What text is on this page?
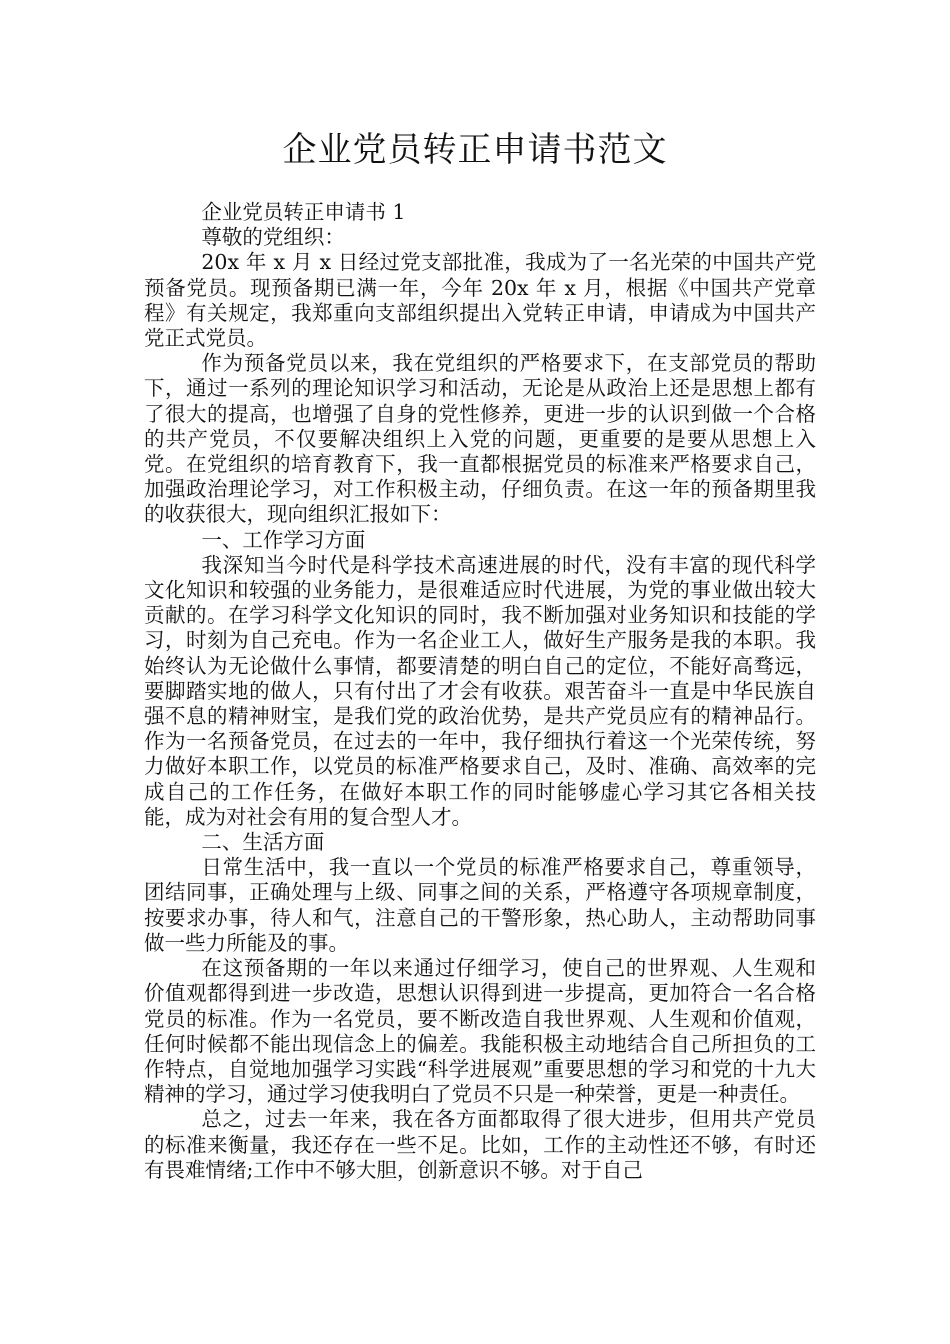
企业党员转正申请书范文

企业党员转正申请书 1

尊敬的党组织：

20x 年 x 月 x 日经过党支部批准，我成为了一名光荣的中国共产党预备党员。现预备期已满一年，今年 20x 年 x 月，根据《中国共产党章程》有关规定，我郑重向支部组织提出入党转正申请，申请成为中国共产党正式党员。

作为预备党员以来，我在党组织的严格要求下，在支部党员的帮助下，通过一系列的理论知识学习和活动，无论是从政治上还是思想上都有了很大的提高，也增强了自身的党性修养，更进一步的认识到做一个合格的共产党员，不仅要解决组织上入党的问题，更重要的是要从思想上入党。在党组织的培育教育下，我一直都根据党员的标准来严格要求自己，加强政治理论学习，对工作积极主动，仔细负责。在这一年的预备期里我的收获很大，现向组织汇报如下：

一、工作学习方面

我深知当今时代是科学技术高速进展的时代，没有丰富的现代科学文化知识和较强的业务能力，是很难适应时代进展，为党的事业做出较大贡献的。在学习科学文化知识的同时，我不断加强对业务知识和技能的学习，时刻为自己充电。作为一名企业工人，做好生产服务是我的本职。我始终认为无论做什么事情，都要清楚的明白自己的定位，不能好高骛远，要脚踏实地的做人，只有付出了才会有收获。艰苦奋斗一直是中华民族自强不息的精神财宝，是我们党的政治优势，是共产党员应有的精神品行。作为一名预备党员，在过去的一年中，我仔细执行着这一个光荣传统，努力做好本职工作，以党员的标准严格要求自己，及时、准确、高效率的完成自己的工作任务，在做好本职工作的同时能够虚心学习其它各相关技能，成为对社会有用的复合型人才。

二、生活方面

日常生活中，我一直以一个党员的标准严格要求自己，尊重领导，团结同事，正确处理与上级、同事之间的关系，严格遵守各项规章制度，按要求办事，待人和气，注意自己的干警形象，热心助人，主动帮助同事做一些力所能及的事。

在这预备期的一年以来通过仔细学习，使自己的世界观、人生观和价值观都得到进一步改造，思想认识得到进一步提高，更加符合一名合格党员的标准。作为一名党员，要不断改造自我世界观、人生观和价值观，任何时候都不能出现信念上的偏差。我能积极主动地结合自己所担负的工作特点，自觉地加强学习实践“科学进展观”重要思想的学习和党的十九大精神的学习，通过学习使我明白了党员不只是一种荣誉，更是一种责任。

总之，过去一年来，我在各方面都取得了很大进步，但用共产党员的标准来衡量，我还存在一些不足。比如，工作的主动性还不够，有时还有畏难情绪;工作中不够大胆，创新意识不够。对于自己
